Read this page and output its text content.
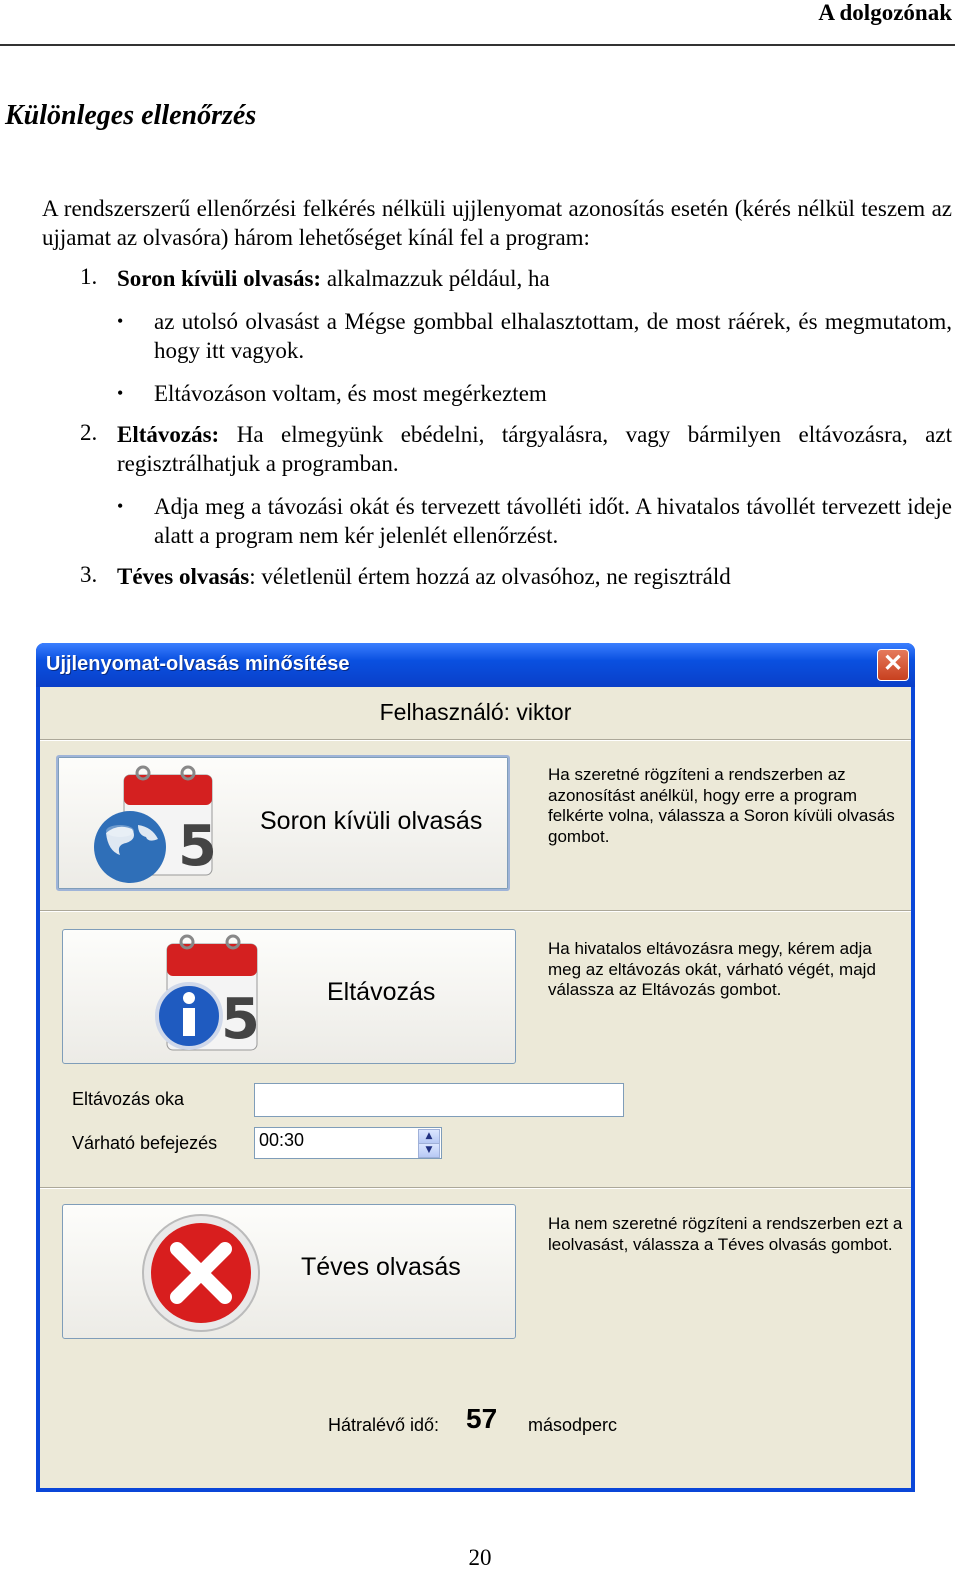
A dolgozónak
Különleges ellenőrzés
A rendszerszerű ellenőrzési felkérés nélküli ujjlenyomat azonosítás esetén (kérés nélkül teszem az ujjamat az olvasóra) három lehetőséget kínál fel a program:
1. Soron kívüli olvasás: alkalmazzuk például, ha
• az utolsó olvasást a Mégse gombbal elhalasztottam, de most ráérek, és megmutatom, hogy itt vagyok.
• Eltávozáson voltam, és most megérkeztem
2. Eltávozás: Ha elmegyünk ebédelni, tárgyalásra, vagy bármilyen eltávozásra, azt regisztrálhatjuk a programban.
• Adja meg a távozási okát és tervezett távolléti időt. A hivatalos távollét tervezett ideje alatt a program nem kér jelenlét ellenőrzést.
3. Téves olvasás: véletlenül értem hozzá az olvasóhoz, ne regisztráld
Ujjlenyomat-olvasás minősítése	✕
Felhasználó: viktor
5 Soron kívüli olvasás
Ha szeretné rögzíteni a rendszerben az azonosítást anélkül, hogy erre a program felkérte volna, válassza a Soron kívüli olvasás gombot.
5	Eltávozás
Ha hivatalos eltávozásra megy, kérem adja meg az eltávozás okát, várható végét, majd válassza az Eltávozás gombot.
Eltávozás oka
Várható befejezés 00:30	▲
▼
Téves olvasás
Ha nem szeretné rögzíteni a rendszerben ezt a leolvasást, válassza a Téves olvasás gombot.
Hátralévő idő: 57 másodperc
20
